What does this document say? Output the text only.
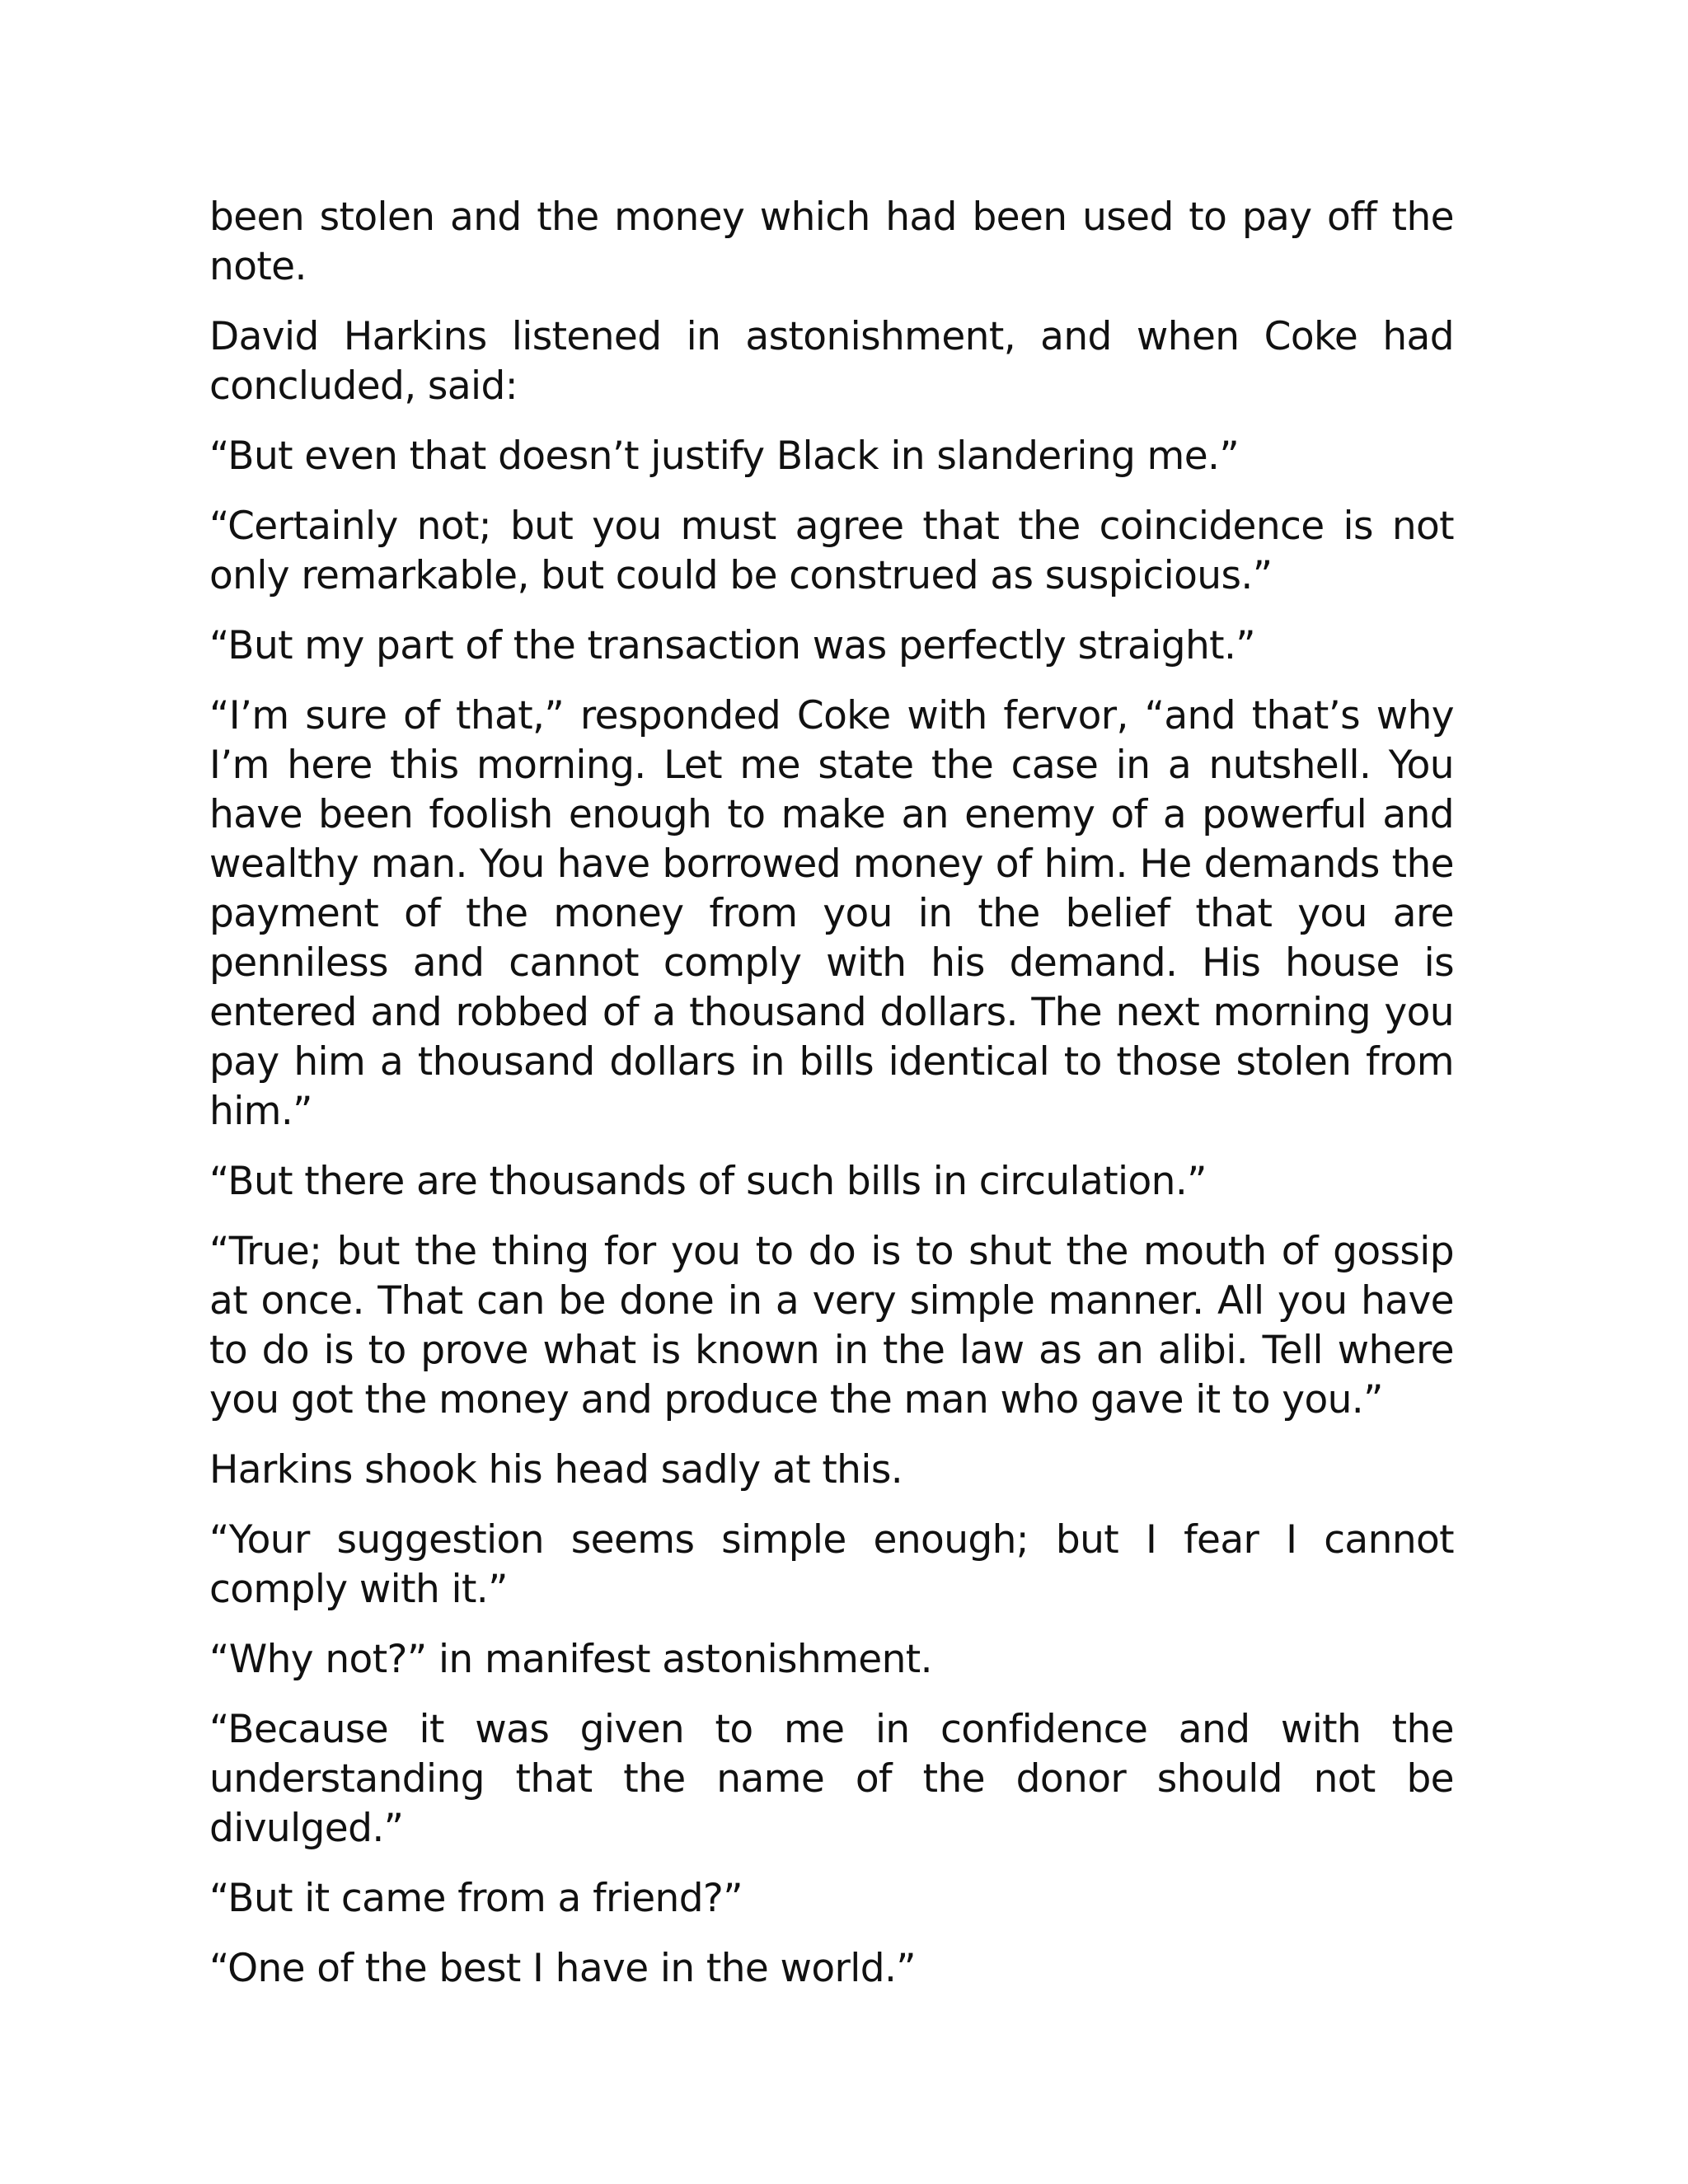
been stolen and the money which had been used to pay off the note.

David Harkins listened in astonishment, and when Coke had concluded, said:

“But even that doesn’t justify Black in slandering me.”

“Certainly not; but you must agree that the coincidence is not only remarkable, but could be construed as suspicious.”

“But my part of the transaction was perfectly straight.”

“I’m sure of that,” responded Coke with fervor, “and that’s why I’m here this morning. Let me state the case in a nutshell. You have been foolish enough to make an enemy of a powerful and wealthy man. You have borrowed money of him. He demands the payment of the money from you in the belief that you are penniless and cannot comply with his demand. His house is entered and robbed of a thousand dollars. The next morning you pay him a thousand dollars in bills identical to those stolen from him.”

“But there are thousands of such bills in circulation.”

“True; but the thing for you to do is to shut the mouth of gossip at once. That can be done in a very simple manner. All you have to do is to prove what is known in the law as an alibi. Tell where you got the money and produce the man who gave it to you.”

Harkins shook his head sadly at this.

“Your suggestion seems simple enough; but I fear I cannot comply with it.”

“Why not?” in manifest astonishment.

“Because it was given to me in confidence and with the understanding that the name of the donor should not be divulged.”

“But it came from a friend?”

“One of the best I have in the world.”
